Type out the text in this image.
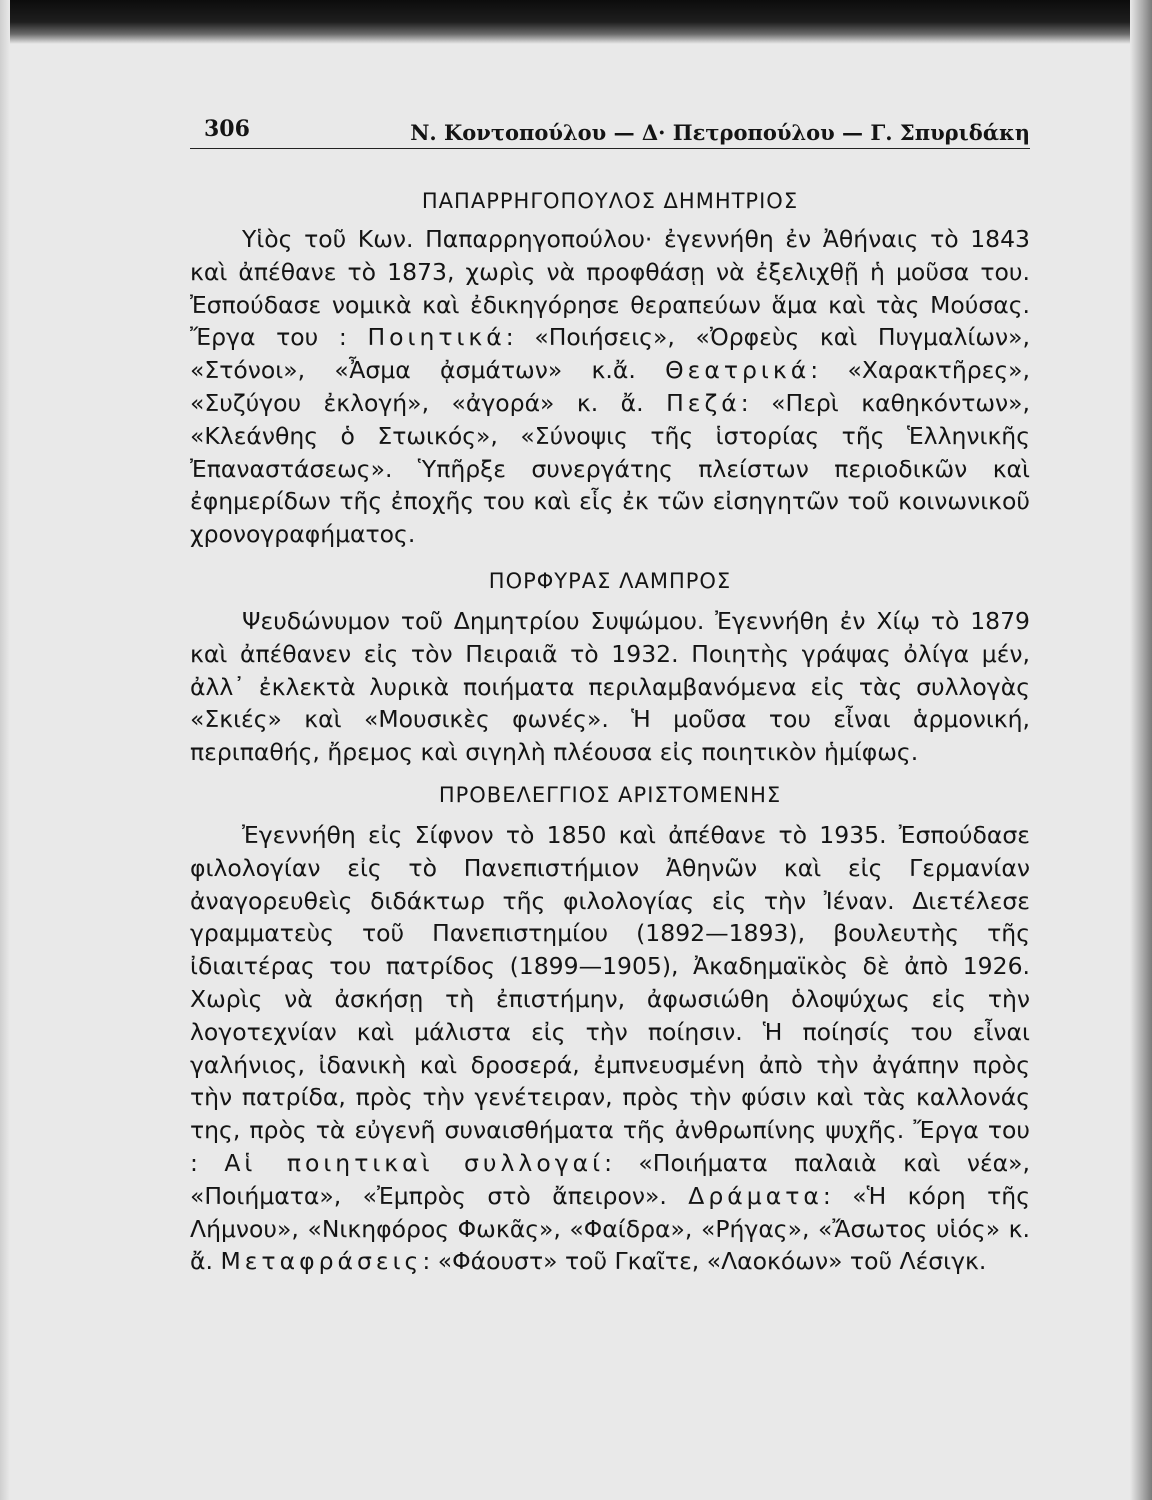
306	Ν. Κοντοπούλου — Δ· Πετροπούλου — Γ. Σπυριδάκη
ΠΑΠΑΡΡΗΓΟΠΟΥΛΟΣ ΔΗΜΗΤΡΙΟΣ

Υἱὸς τοῦ Κων. Παπαρρηγοπούλου· ἐγεννήθη ἐν Ἀθήναις τὸ 1843 καὶ ἀπέθανε τὸ 1873, χωρὶς νὰ προφθάσῃ νὰ ἐξελιχθῇ ἡ μοῦσα του. Ἐσπούδασε νομικὰ καὶ ἐδικηγόρησε θεραπεύων ἅμα καὶ τὰς Μούσας. Ἔργα του : Ποιητικά: «Ποιήσεις», «Ὀρφεὺς καὶ Πυγμαλίων», «Στόνοι», «Ἆσμα ᾀσμάτων» κ.ἄ. Θεατρικά: «Χαρακτῆρες», «Συζύγου ἐκλογή», «ἀγορά» κ. ἄ. Πεζά: «Περὶ καθηκόντων», «Κλεάνθης ὁ Στωικός», «Σύνοψις τῆς ἱστορίας τῆς Ἑλληνικῆς Ἐπαναστάσεως». Ὑπῆρξε συνεργάτης πλείστων περιοδικῶν καὶ ἐφημερίδων τῆς ἐποχῆς του καὶ εἷς ἐκ τῶν εἰσηγητῶν τοῦ κοινωνικοῦ χρονογραφήματος.

ΠΟΡΦΥΡΑΣ ΛΑΜΠΡΟΣ

Ψευδώνυμον τοῦ Δημητρίου Συψώμου. Ἐγεννήθη ἐν Χίῳ τὸ 1879 καὶ ἀπέθανεν εἰς τὸν Πειραιᾶ τὸ 1932. Ποιητὴς γράψας ὀλίγα μέν, ἀλλ᾽ ἐκλεκτὰ λυρικὰ ποιήματα περιλαμβανόμενα εἰς τὰς συλλογὰς «Σκιές» καὶ «Μουσικὲς φωνές». Ἡ μοῦσα του εἶναι ἁρμονική, περιπαθής, ἤρεμος καὶ σιγηλὴ πλέουσα εἰς ποιητικὸν ἡμίφως.

ΠΡΟΒΕΛΕΓΓΙΟΣ ΑΡΙΣΤΟΜΕΝΗΣ

Ἐγεννήθη εἰς Σίφνον τὸ 1850 καὶ ἀπέθανε τὸ 1935. Ἐσπούδασε φιλολογίαν εἰς τὸ Πανεπιστήμιον Ἀθηνῶν καὶ εἰς Γερμανίαν ἀναγορευθεὶς διδάκτωρ τῆς φιλολογίας εἰς τὴν Ἰέναν. Διετέλεσε γραμματεὺς τοῦ Πανεπιστημίου (1892—1893), βουλευτὴς τῆς ἰδιαιτέρας του πατρίδος (1899—1905), Ἀκαδημαϊκὸς δὲ ἀπὸ 1926. Χωρὶς νὰ ἀσκήσῃ τὴ ἐπιστήμην, ἀφωσιώθη ὁλοψύχως εἰς τὴν λογοτεχνίαν καὶ μάλιστα εἰς τὴν ποίησιν. Ἡ ποίησίς του εἶναι γαλήνιος, ἰδανικὴ καὶ δροσερά, ἐμπνευσμένη ἀπὸ τὴν ἀγάπην πρὸς τὴν πατρίδα, πρὸς τὴν γενέτειραν, πρὸς τὴν φύσιν καὶ τὰς καλλονάς της, πρὸς τὰ εὐγενῆ συναισθήματα τῆς ἀνθρωπίνης ψυχῆς. Ἔργα του : Αἱ ποιητικαὶ συλλογαί: «Ποιήματα παλαιὰ καὶ νέα», «Ποιήματα», «Ἐμπρὸς στὸ ἄπειρον». Δράματα: «Ἡ κόρη τῆς Λήμνου», «Νικηφόρος Φωκᾶς», «Φαίδρα», «Ρήγας», «Ἄσωτος υἱός» κ. ἄ. Μεταφράσεις: «Φάουστ» τοῦ Γκαῖτε, «Λαοκόων» τοῦ Λέσιγκ.
